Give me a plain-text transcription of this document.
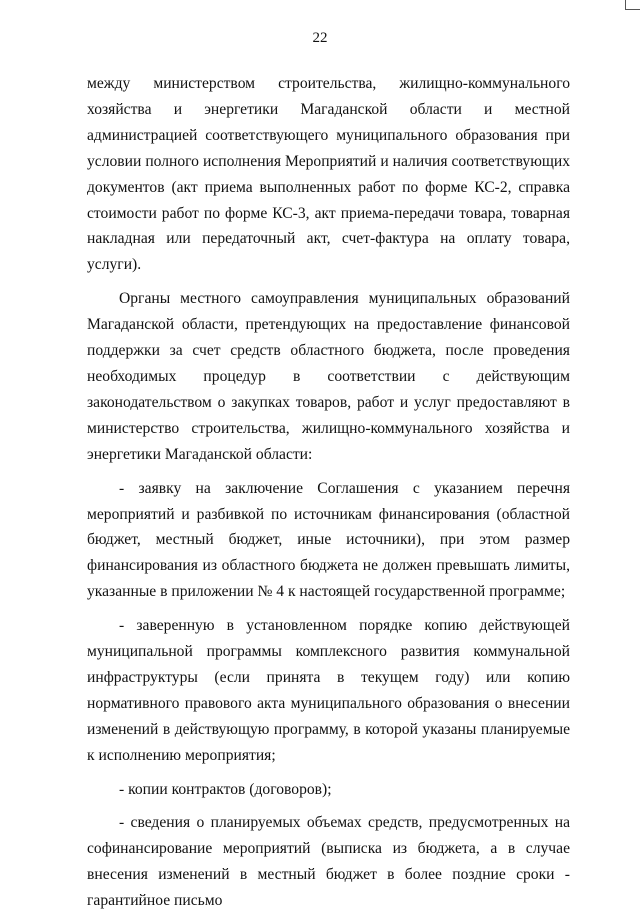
22

между министерством строительства, жилищно-коммунального хозяйства и энергетики Магаданской области и местной администрацией соответствующего муниципального образования при условии полного исполнения Мероприятий и наличия соответствующих документов (акт приема выполненных работ по форме КС-2, справка стоимости работ по форме КС-3, акт приема-передачи товара, товарная накладная или передаточный акт, счет-фактура на оплату товара, услуги).

Органы местного самоуправления муниципальных образований Магаданской области, претендующих на предоставление финансовой поддержки за счет средств областного бюджета, после проведения необходимых процедур в соответствии с действующим законодательством о закупках товаров, работ и услуг предоставляют в министерство строительства, жилищно-коммунального хозяйства и энергетики Магаданской области:

- заявку на заключение Соглашения с указанием перечня мероприятий и разбивкой по источникам финансирования (областной бюджет, местный бюджет, иные источники), при этом размер финансирования из областного бюджета не должен превышать лимиты, указанные в приложении № 4 к настоящей государственной программе;

- заверенную в установленном порядке копию действующей муниципальной программы комплексного развития коммунальной инфраструктуры (если принята в текущем году) или копию нормативного правового акта муниципального образования о внесении изменений в действующую программу, в которой указаны планируемые к исполнению мероприятия;

- копии контрактов (договоров);

- сведения о планируемых объемах средств, предусмотренных на софинансирование мероприятий (выписка из бюджета, а в случае внесения изменений в местный бюджет в более поздние сроки - гарантийное письмо
